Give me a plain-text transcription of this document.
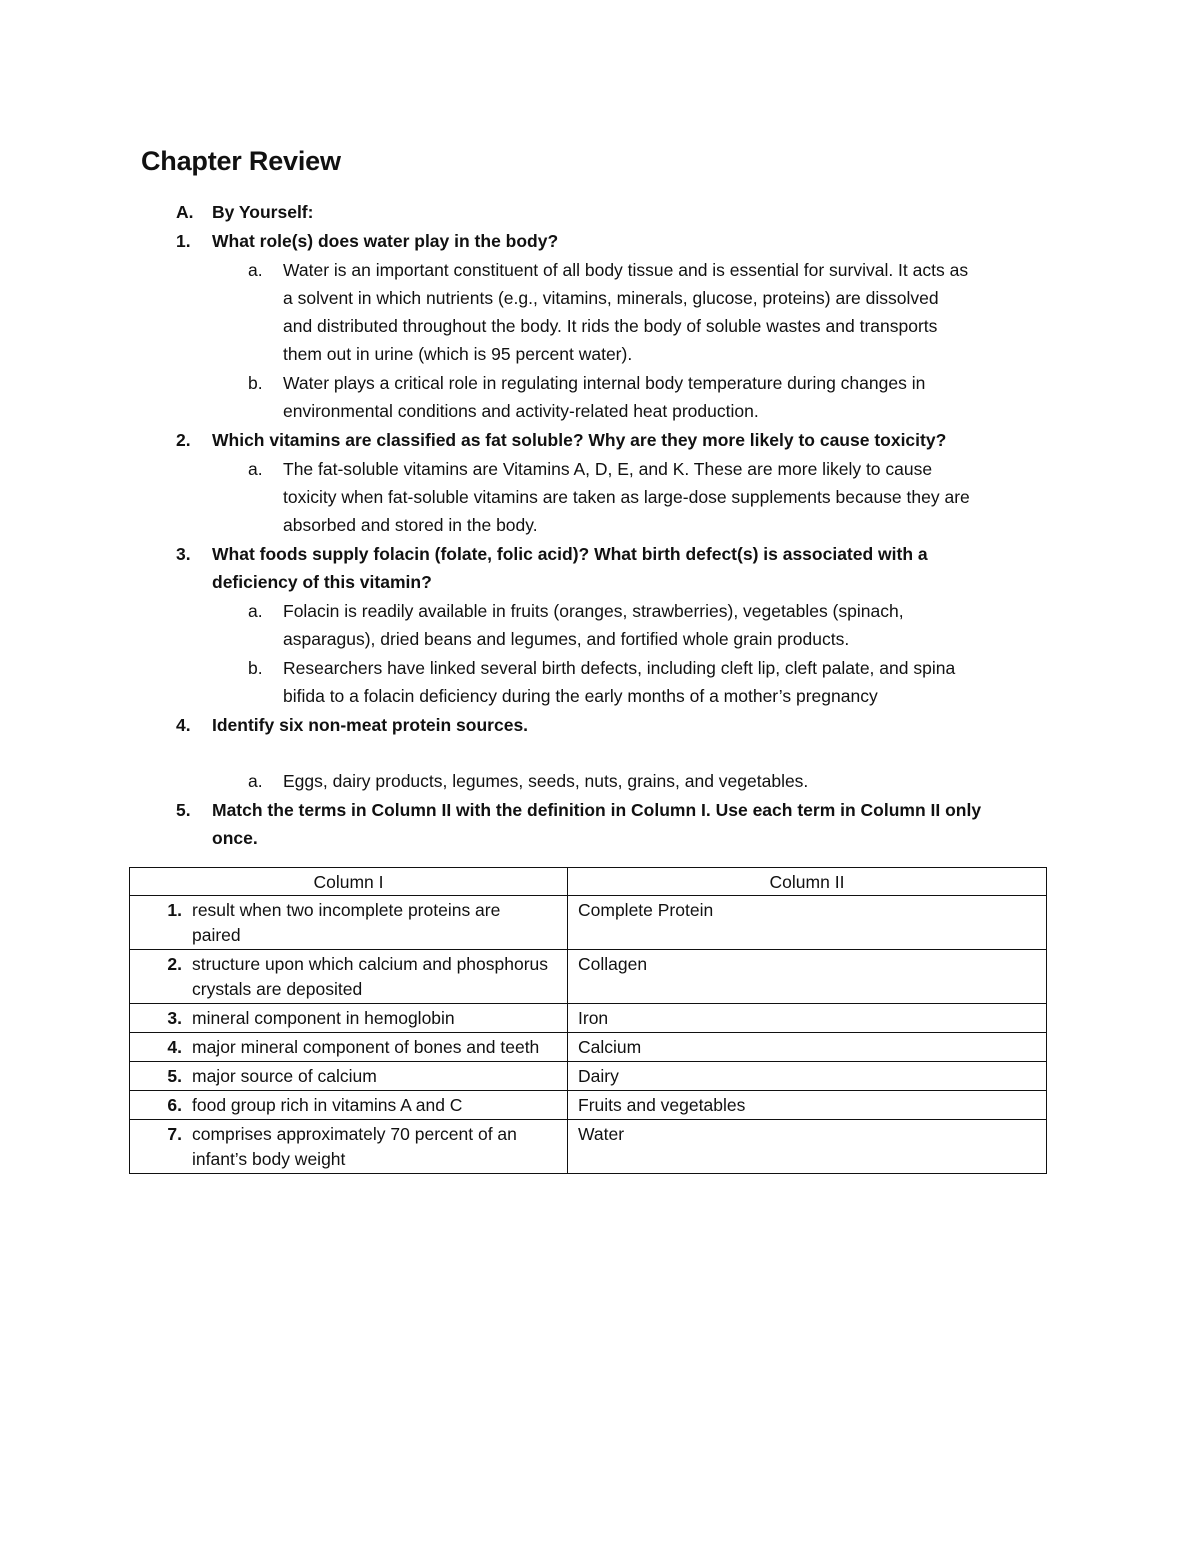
Chapter Review
A. By Yourself:
1. What role(s) does water play in the body?
a. Water is an important constituent of all body tissue and is essential for survival. It acts as
a solvent in which nutrients (e.g., vitamins, minerals, glucose, proteins) are dissolved
and distributed throughout the body. It rids the body of soluble wastes and transports
them out in urine (which is 95 percent water).
b. Water plays a critical role in regulating internal body temperature during changes in
environmental conditions and activity-related heat production.
2. Which vitamins are classified as fat soluble? Why are they more likely to cause toxicity?
a. The fat-soluble vitamins are Vitamins A, D, E, and K. These are more likely to cause
toxicity when fat-soluble vitamins are taken as large-dose supplements because they are
absorbed and stored in the body.
3. What foods supply folacin (folate, folic acid)? What birth defect(s) is associated with a
deficiency of this vitamin?
a. Folacin is readily available in fruits (oranges, strawberries), vegetables (spinach,
asparagus), dried beans and legumes, and fortified whole grain products.
b. Researchers have linked several birth defects, including cleft lip, cleft palate, and spina
bifida to a folacin deficiency during the early months of a mother’s pregnancy
4. Identify six non-meat protein sources.
a. Eggs, dairy products, legumes, seeds, nuts, grains, and vegetables.
5. Match the terms in Column II with the definition in Column I. Use each term in Column II only
once.
Column I	Column II
1. result when two incomplete proteins are paired	Complete Protein
2. structure upon which calcium and phosphorus crystals are deposited	Collagen
3. mineral component in hemoglobin	Iron
4. major mineral component of bones and teeth	Calcium
5. major source of calcium	Dairy
6. food group rich in vitamins A and C	Fruits and vegetables
7. comprises approximately 70 percent of an infant’s body weight	Water
